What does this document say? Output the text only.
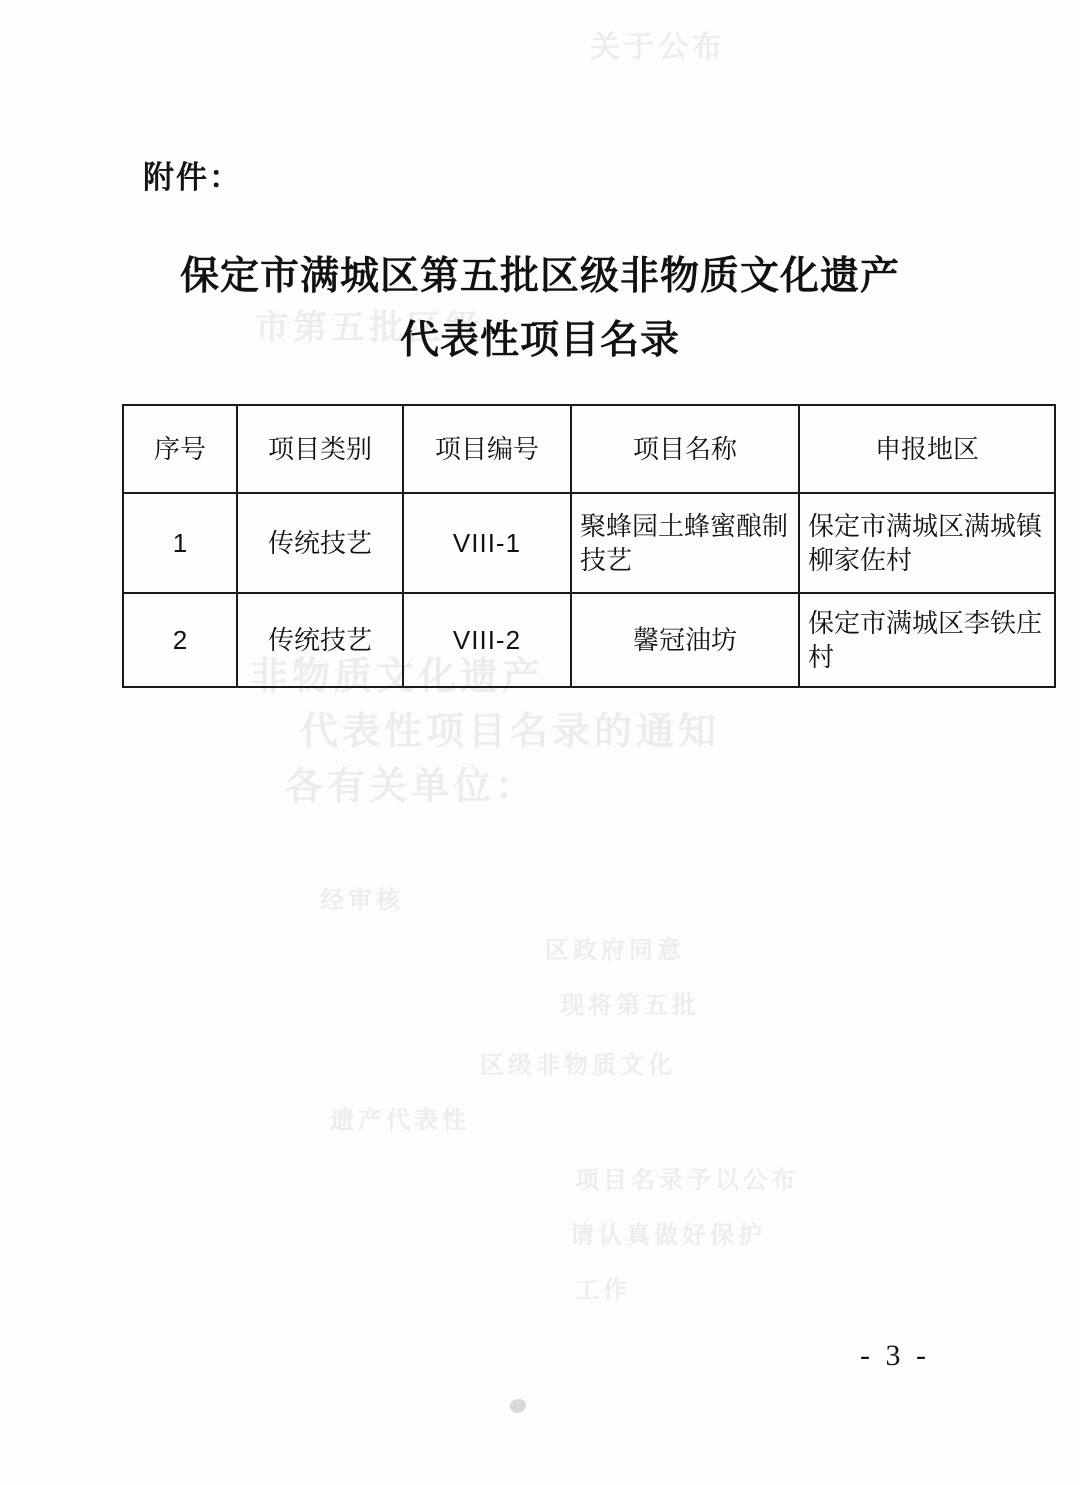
关于公布
市第五批区级
非物质文化遗产
代表性项目名录的通知
各有关单位：
经审核
区政府同意
现将第五批
区级非物质文化
遗产代表性
项目名录予以公布
请认真做好保护
工作
附件：
保定市满城区第五批区级非物质文化遗产
代表性项目名录
序号	项目类别	项目编号	项目名称	申报地区
1	传统技艺	VIII-1	聚蜂园土蜂蜜酿制技艺	保定市满城区满城镇柳家佐村
2	传统技艺	VIII-2	馨冠油坊	保定市满城区李铁庄村
- 3 -
